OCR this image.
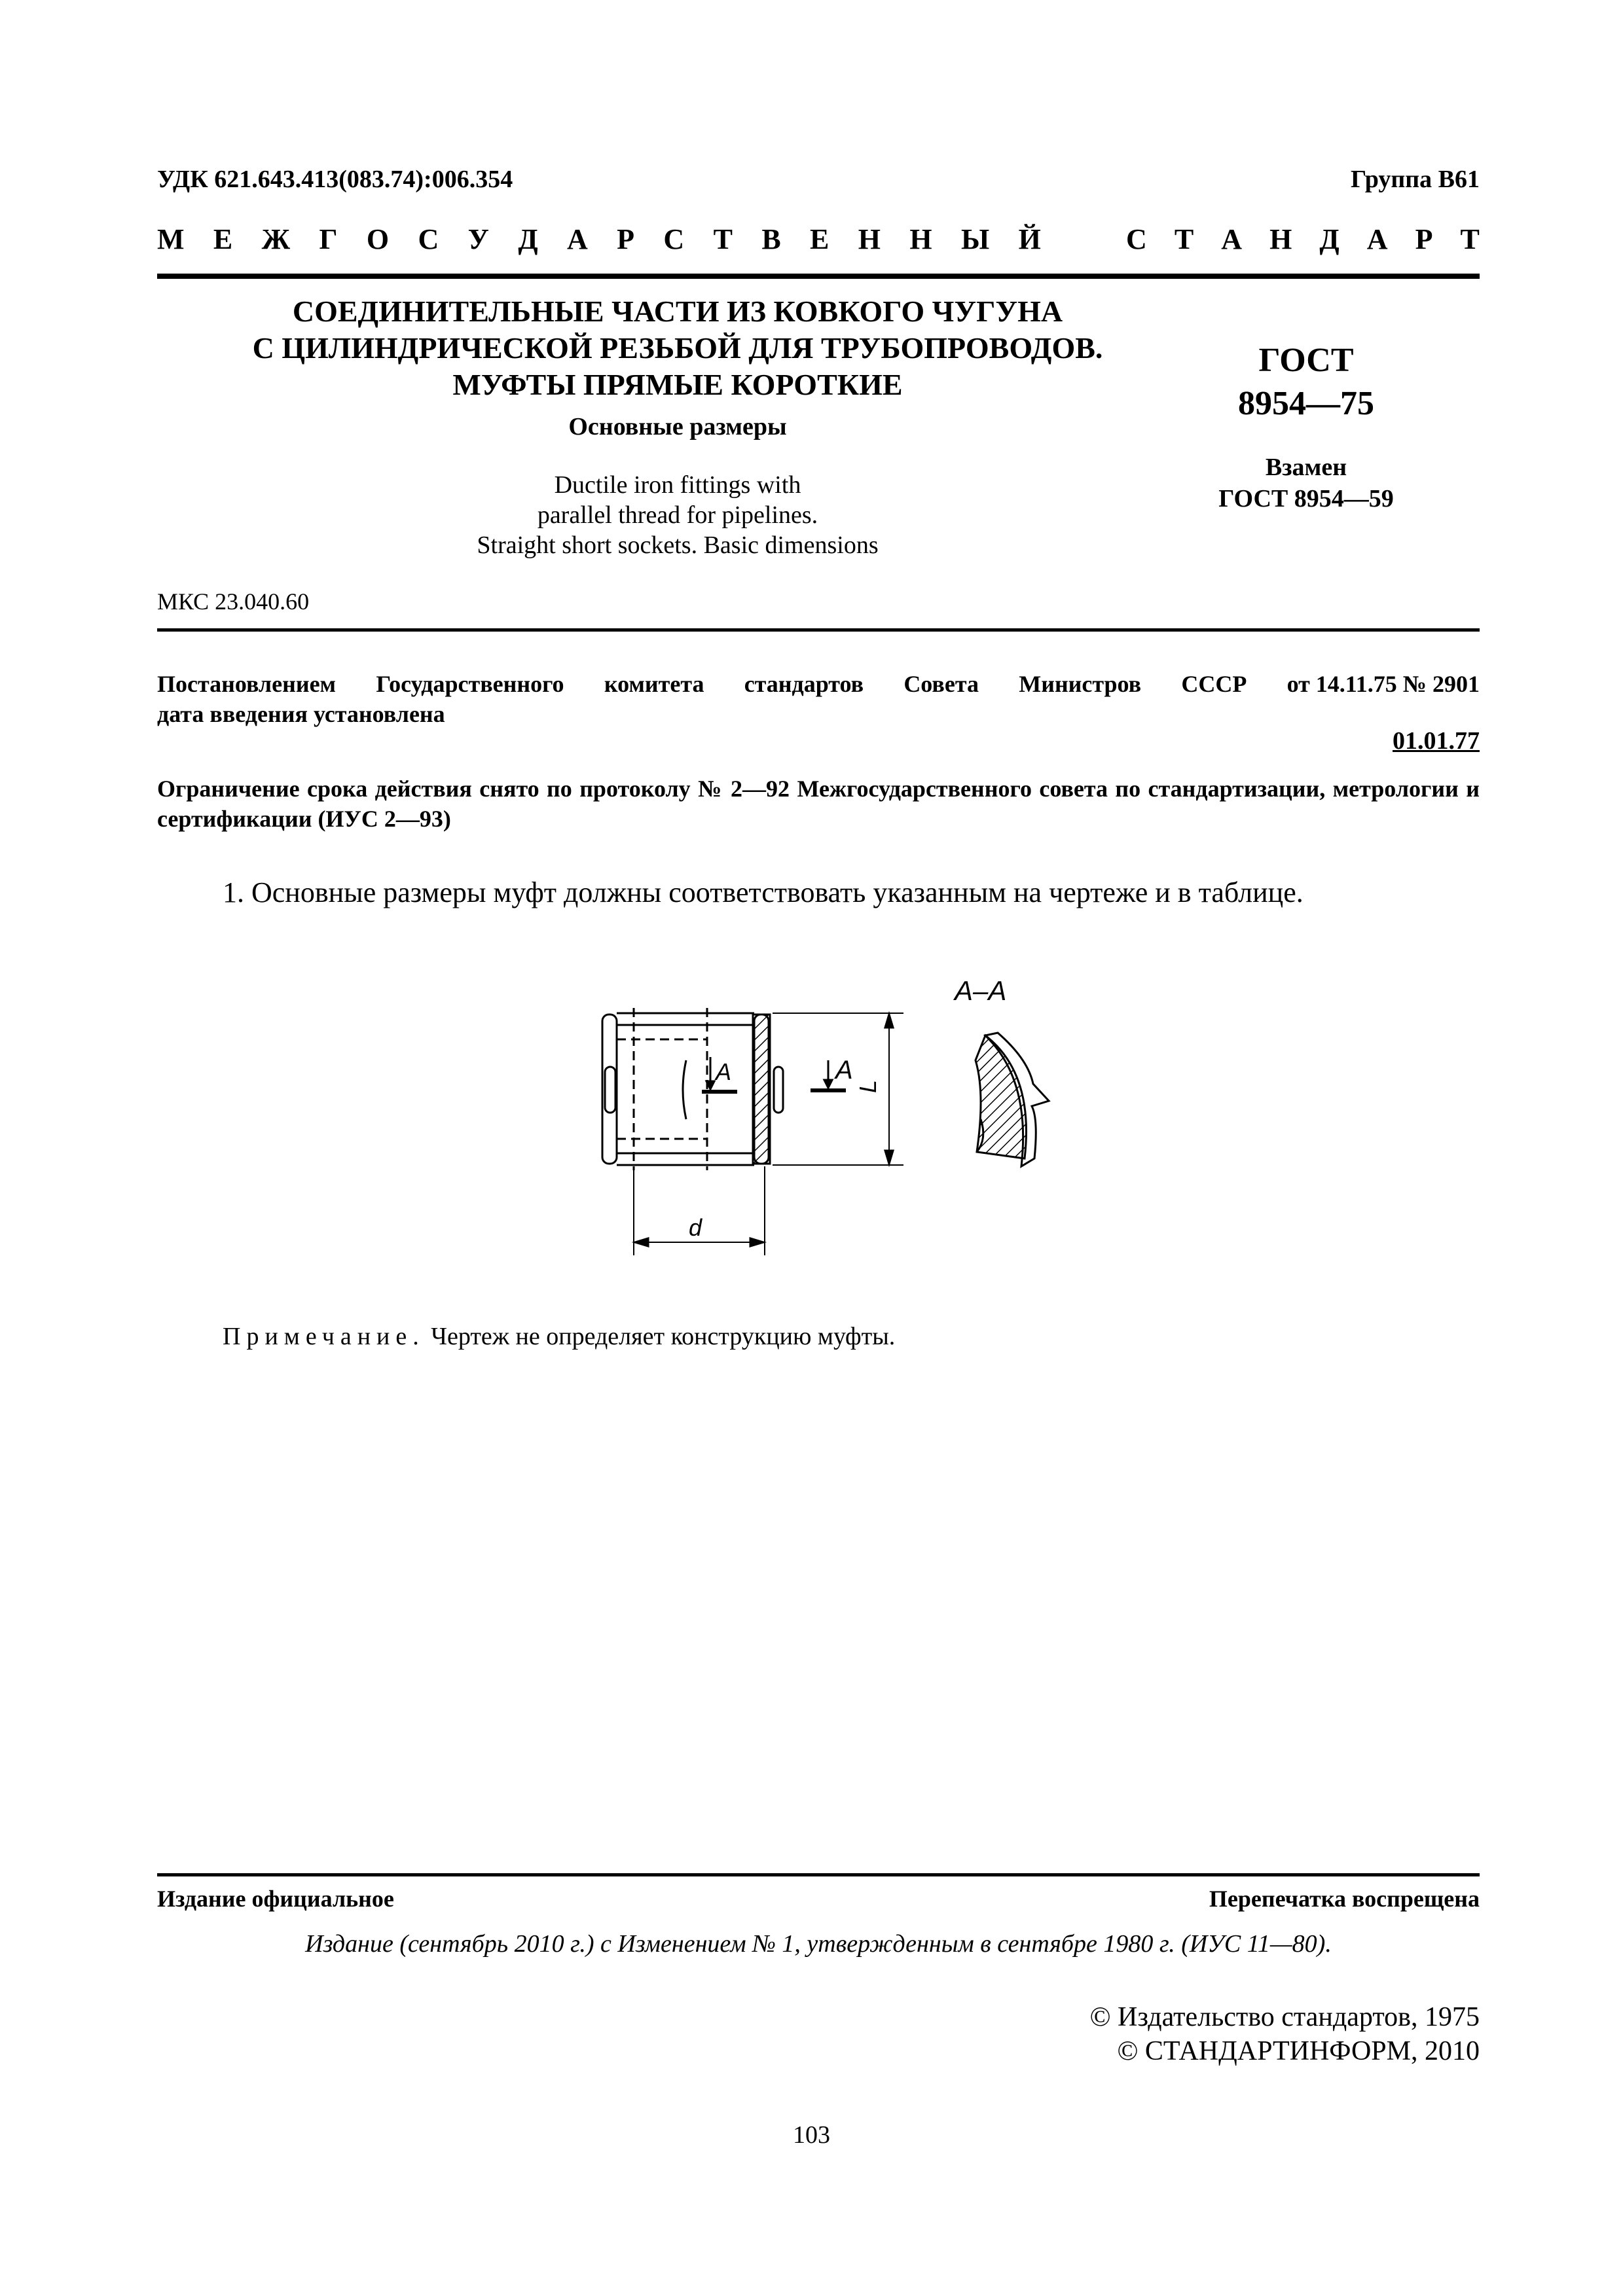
УДК 621.643.413(083.74):006.354	Группа В61
М Е Ж Г О С У Д А Р С Т В Е Н Н Ы Й	С Т А Н Д А Р Т
СОЕДИНИТЕЛЬНЫЕ ЧАСТИ ИЗ КОВКОГО ЧУГУНА
С ЦИЛИНДРИЧЕСКОЙ РЕЗЬБОЙ ДЛЯ ТРУБОПРОВОДОВ.
МУФТЫ ПРЯМЫЕ КОРОТКИЕ
Основные размеры
Ductile iron fittings with
parallel thread for pipelines.
Straight short sockets. Basic dimensions
ГОСТ
8954—75
Взамен
ГОСТ 8954—59
МКС 23.040.60
Постановлением Государственного комитета стандартов Совета Министров СССР от 14.11.75 № 2901
дата введения установлена
01.01.77
Ограничение срока действия снято по протоколу № 2—92 Межгосударственного совета по стандартизации, метрологии и сертификации (ИУС 2—93)
1. Основные размеры муфт должны соответствовать указанным на чертеже и в таблице.
А	А
L
d
А–А
Примечание. Чертеж не определяет конструкцию муфты.
Издание официальное	Перепечатка воспрещена
Издание (сентябрь 2010 г.) с Изменением № 1, утвержденным в сентябре 1980 г. (ИУС 11—80).
© Издательство стандартов, 1975
© СТАНДАРТИНФОРМ, 2010
103
